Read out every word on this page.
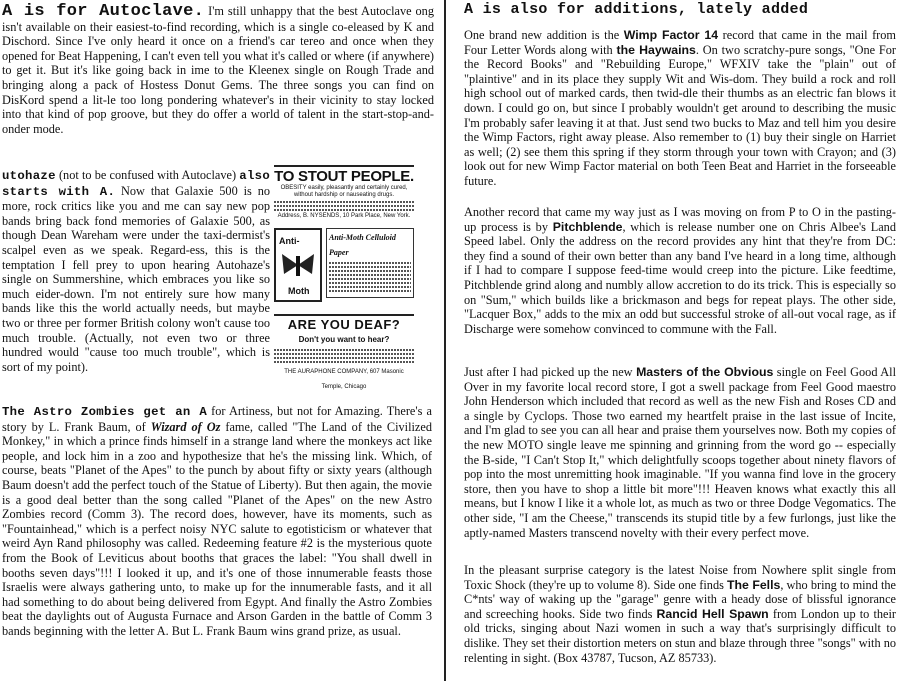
A is for Autoclave. I'm still unhappy that the best Autoclave ong isn't available on their easiest-to-find recording, which is a single co-eleased by K and Dischord. Since I've only heard it once on a friend's car tereo and once when they opened for Beat Happening, I can't even tell you what it's called or where (if anywhere) to get it. But it's like going back in ime to the Kleenex single on Rough Trade and bringing along a pack of Hostess Donut Gems. The three songs you can find on DisKord spend a lit-le too long pondering whatever's in their vicinity to stay locked into that kind of pop groove, but they do offer a world of talent in the start-stop-and-onder mode.

utohaze (not to be confused with Autoclave) also starts with A. Now that Galaxie 500 is no more, rock critics like you and me can say new pop bands bring back fond memories of Galaxie 500, as though Dean Wareham were under the taxi-dermist's scalpel even as we speak. Regard-ess, this is the temptation I fell prey to upon hearing Autohaze's single on Summershine, which embraces you like so much eider-down. I'm not entirely sure how many bands like this the world actually needs, but maybe two or three per former British colony won't cause too much trouble. (Actually, not even two or three hundred would "cause too much trouble", which is sort of my point).

TO STOUT PEOPLE.
OBESITY easily, pleasantly and certainly cured, without hardship or nauseating drugs.
Address, B. NYSENDS, 10 Park Place, New York.
Anti-
Moth
Anti-Moth Celluloid Paper
ARE YOU DEAF?
Don't you want to hear?
THE AURAPHONE COMPANY, 607 Masonic Temple, Chicago

The Astro Zombies get an A for Artiness, but not for Amazing. There's a story by L. Frank Baum, of Wizard of Oz fame, called "The Land of the Civilized Monkey," in which a prince finds himself in a strange land where the monkeys act like people, and lock him in a zoo and hypothesize that he's the missing link. Which, of course, beats "Planet of the Apes" to the punch by about fifty or sixty years (although Baum doesn't add the perfect touch of the Statue of Liberty). But then again, the movie is a good deal better than the song called "Planet of the Apes" on the new Astro Zombies record (Comm 3). The record does, however, have its moments, such as "Fountainhead," which is a perfect noisy NYC salute to egotisticism or whatever that weird Ayn Rand philosophy was called. Redeeming feature #2 is the mysterious quote from the Book of Leviticus about booths that graces the label: "You shall dwell in booths seven days"!!! I looked it up, and it's one of those innumerable feasts those Israelis were always gathering unto, to make up for the innumerable fasts, and it all had something to do about being delivered from Egypt. And finally the Astro Zombies beat the daylights out of Augusta Furnace and Arson Garden in the battle of Comm 3 bands beginning with the letter A. But L. Frank Baum wins grand prize, as usual.

A is also for additions, lately added

One brand new addition is the Wimp Factor 14 record that came in the mail from Four Letter Words along with the Haywains. On two scratchy-pure songs, "One For the Record Books" and "Rebuilding Europe," WFXIV take the "plain" out of "plaintive" and in its place they supply Wit and Wis-dom. They build a rock and roll high school out of marked cards, then twid-dle their thumbs as an electric fan blows it down. I could go on, but since I probably wouldn't get around to describing the music I'm probably safer leaving it at that. Just send two bucks to Maz and tell him you desire the Wimp Factors, right away please. Also remember to (1) buy their single on Harriet as well; (2) see them this spring if they storm through your town with Crayon; and (3) look out for new Wimp Factor material on both Teen Beat and Harriet in the forseeable future.

Another record that came my way just as I was moving on from P to O in the pasting-up process is by Pitchblende, which is release number one on Chris Albee's Land Speed label. Only the address on the record provides any hint that they're from DC: they find a sound of their own better than any band I've heard in a long time, although if I had to compare I suppose feed-time would creep into the picture. Like feedtime, Pitchblende grind along and numbly allow accretion to do its trick. This is especially so on "Sum," which builds like a brickmason and begs for repeat plays. The other side, "Lacquer Box," adds to the mix an odd but successful stroke of all-out vocal rage, as if Discharge were somehow convinced to commune with the Fall.

Just after I had picked up the new Masters of the Obvious single on Feel Good All Over in my favorite local record store, I got a swell package from Feel Good maestro John Henderson which included that record as well as the new Fish and Roses CD and a single by Cyclops. Those two earned my heartfelt praise in the last issue of Incite, and I'm glad to see you can all hear and praise them yourselves now. Both my copies of the new MOTO single leave me spinning and grinning from the word go -- especially the B-side, "I Can't Stop It," which delightfully scoops together about ninety flavors of pop into the most unremitting hook imaginable. "If you wanna find love in the grocery store, then you have to shop a little bit more"!!! Heaven knows what exactly this all means, but I know I like it a whole lot, as much as two or three Dodge Vegomatics. The other side, "I am the Cheese," transcends its stupid title by a few furlongs, just like the aptly-named Masters transcend novelty with their every perfect move.

In the pleasant surprise category is the latest Noise from Nowhere split single from Toxic Shock (they're up to volume 8). Side one finds The Fells, who bring to mind the C*nts' way of waking up the "garage" genre with a heady dose of blissful ignorance and screeching hooks. Side two finds Rancid Hell Spawn from London up to their old tricks, singing about Nazi women in such a way that's surprisingly difficult to dislike. They set their distortion meters on stun and blaze through three "songs" with no relenting in sight. (Box 43787, Tucson, AZ 85733).
